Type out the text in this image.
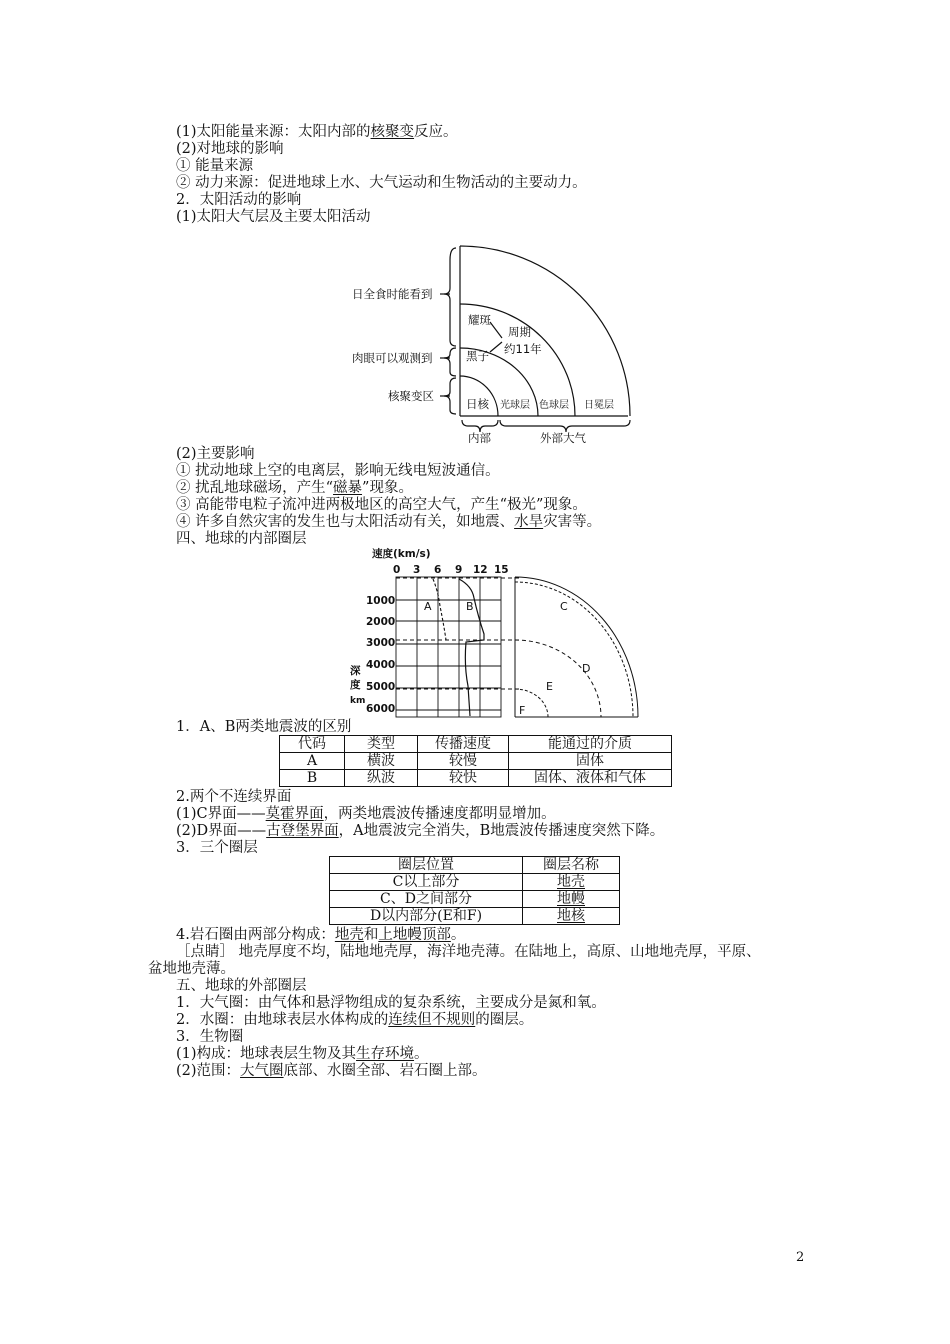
(1)太阳能量来源：太阳内部的核聚变反应。
(2)对地球的影响
① 能量来源
② 动力来源：促进地球上水、大气运动和生物活动的主要动力。
2．太阳活动的影响
(1)太阳大气层及主要太阳活动
日全食时能看到
肉眼可以观测到
核聚变区
耀斑
周期
约11年
黑子
日核 光球层 色球层 日冕层
内部	外部大气
(2)主要影响
① 扰动地球上空的电离层，影响无线电短波通信。
② 扰乱地球磁场，产生“磁暴”现象。
③ 高能带电粒子流冲进两极地区的高空大气，产生“极光”现象。
④ 许多自然灾害的发生也与太阳活动有关，如地震、水旱灾害等。
四、地球的内部圈层
速度(km/s)
0 3 6 9 12 15
1000
2000
3000
4000
5000
6000
深
度
km
A	B	C
D
E
F
1．A、B两类地震波的区别
代码	类型	传播速度	能通过的介质
A	横波	较慢	固体
B	纵波	较快	固体、液体和气体
2.两个不连续界面
(1)C界面——莫霍界面，两类地震波传播速度都明显增加。
(2)D界面——古登堡界面，A地震波完全消失，B地震波传播速度突然下降。
3．三个圈层
圈层位置	圈层名称
C以上部分	地壳
C、D之间部分	地幔
D以内部分(E和F)	地核
4.岩石圈由两部分构成：地壳和上地幔顶部。
［点睛］ 地壳厚度不均，陆地地壳厚，海洋地壳薄。在陆地上，高原、山地地壳厚，平原、
盆地地壳薄。
五、地球的外部圈层
1．大气圈：由气体和悬浮物组成的复杂系统，主要成分是氮和氧。
2．水圈：由地球表层水体构成的连续但不规则的圈层。
3．生物圈
(1)构成：地球表层生物及其生存环境。
(2)范围：大气圈底部、水圈全部、岩石圈上部。
2
